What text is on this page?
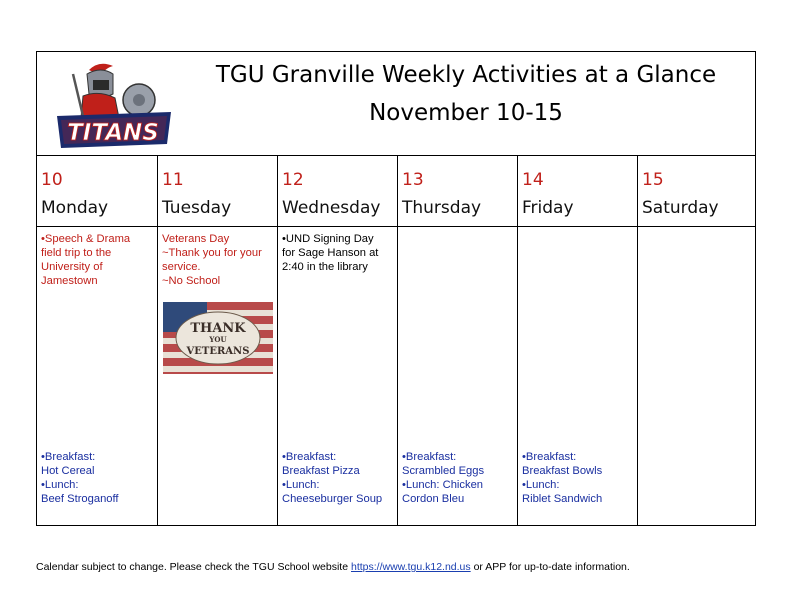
TITANS
TGU Granville Weekly Activities at a Glance
November 10-15
10
Monday
11
Tuesday
12
Wednesday
13
Thursday
14
Friday
15
Saturday
•Speech & Drama
field trip to the
University of
Jamestown
•Breakfast:
Hot Cereal
•Lunch:
Beef Stroganoff
Veterans Day
~Thank you for your
service.
~No School
THANK
YOU
VETERANS
•UND Signing Day
for Sage Hanson at
2:40 in the library
•Breakfast:
Breakfast Pizza
•Lunch:
Cheeseburger Soup
•Breakfast:
Scrambled Eggs
•Lunch: Chicken
Cordon Bleu
•Breakfast:
Breakfast Bowls
•Lunch:
Riblet Sandwich
Calendar subject to change. Please check the TGU School website https://www.tgu.k12.nd.us or APP for up-to-date information.
